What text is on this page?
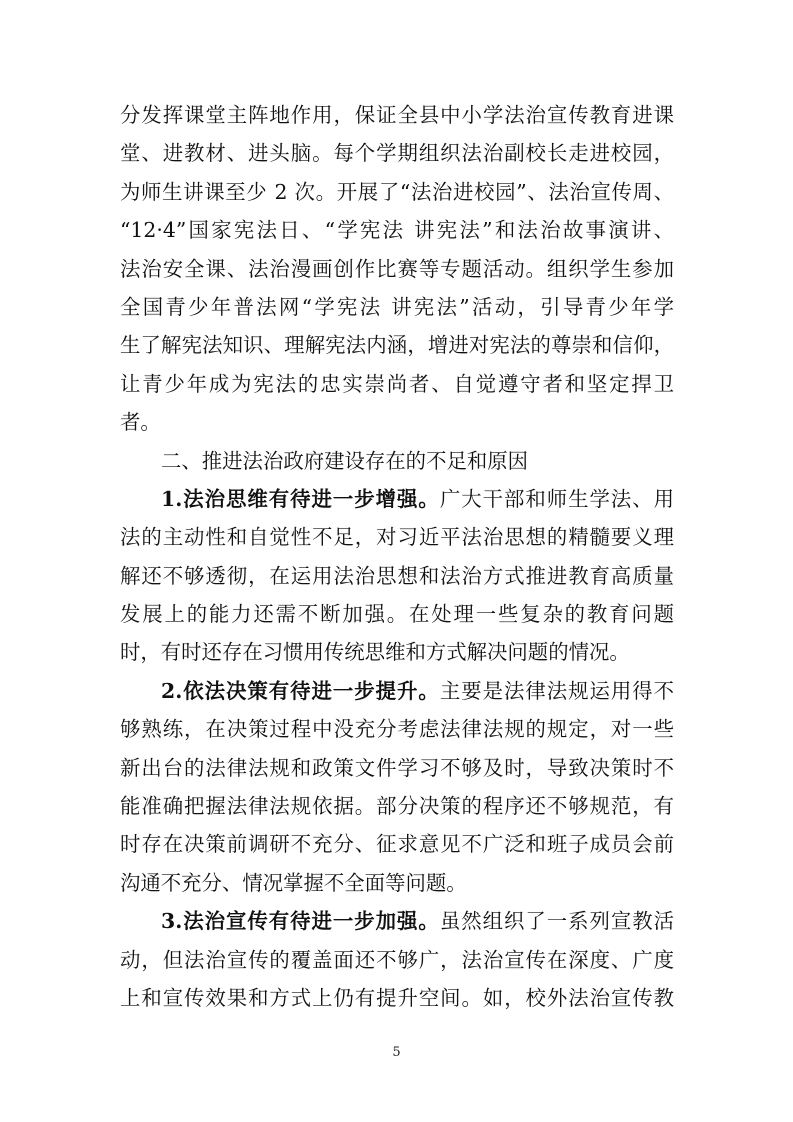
分发挥课堂主阵地作用，保证全县中小学法治宣传教育进课
堂、进教材、进头脑。每个学期组织法治副校长走进校园，
为师生讲课至少 2 次。开展了“法治进校园”、法治宣传周、
“12·4”国家宪法日、“学宪法 讲宪法”和法治故事演讲、
法治安全课、法治漫画创作比赛等专题活动。组织学生参加
全国青少年普法网“学宪法 讲宪法”活动，引导青少年学
生了解宪法知识、理解宪法内涵，增进对宪法的尊崇和信仰，
让青少年成为宪法的忠实崇尚者、自觉遵守者和坚定捍卫
者。
二、推进法治政府建设存在的不足和原因
1.法治思维有待进一步增强。广大干部和师生学法、用
法的主动性和自觉性不足，对习近平法治思想的精髓要义理
解还不够透彻，在运用法治思想和法治方式推进教育高质量
发展上的能力还需不断加强。在处理一些复杂的教育问题
时，有时还存在习惯用传统思维和方式解决问题的情况。
2.依法决策有待进一步提升。主要是法律法规运用得不
够熟练，在决策过程中没充分考虑法律法规的规定，对一些
新出台的法律法规和政策文件学习不够及时，导致决策时不
能准确把握法律法规依据。部分决策的程序还不够规范，有
时存在决策前调研不充分、征求意见不广泛和班子成员会前
沟通不充分、情况掌握不全面等问题。
3.法治宣传有待进一步加强。虽然组织了一系列宣教活
动，但法治宣传的覆盖面还不够广，法治宣传在深度、广度
上和宣传效果和方式上仍有提升空间。如，校外法治宣传教
5
